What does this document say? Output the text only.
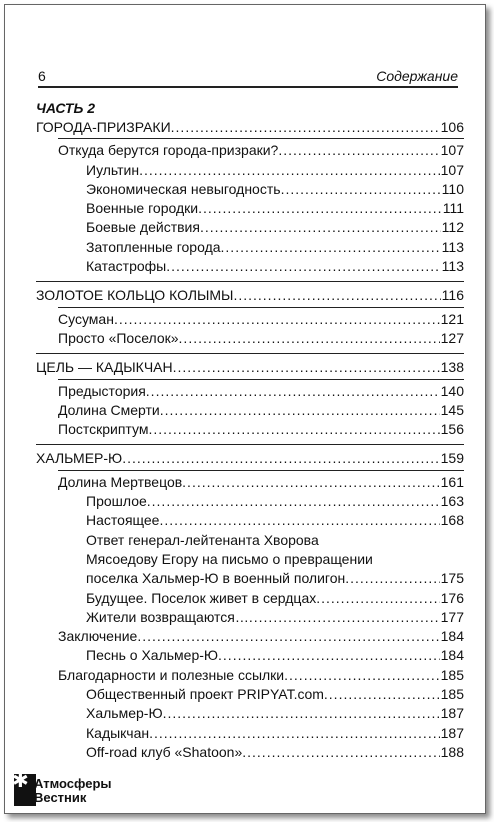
6	Содержание
ЧАСТЬ 2
ГОРОДА-ПРИЗРАКИ .....	106
Откуда берутся города-призраки? .....	107
Иультин .....	107
Экономическая невыгодность .....	110
Военные городки .....	111
Боевые действия .....	112
Затопленные города .....	113
Катастрофы .....	113
ЗОЛОТОЕ КОЛЬЦО КОЛЫМЫ .....	116
Сусуман .....	121
Просто «Поселок» .....	127
ЦЕЛЬ — КАДЫКЧАН .....	138
Предыстория .....	140
Долина Смерти .....	145
Постскриптум .....	156
ХАЛЬМЕР-Ю .....	159
Долина Мертвецов .....	161
Прошлое .....	163
Настоящее .....	168
Ответ генерал-лейтенанта Хворова
Мясоедову Егору на письмо о превращении
поселка Хальмер-Ю в военный полигон .....	175
Будущее. Поселок живет в сердцах .....	176
Жители возвращаются… .....	177
Заключение .....	184
Песнь о Хальмер-Ю .....	184
Благодарности и полезные ссылки .....	185
Общественный проект PRIPYAT.com .....	185
Хальмер-Ю .....	187
Кадыкчан .....	187
Off-road клуб «Shatoon» .....	188
✱ Атмосферы
Вестник
